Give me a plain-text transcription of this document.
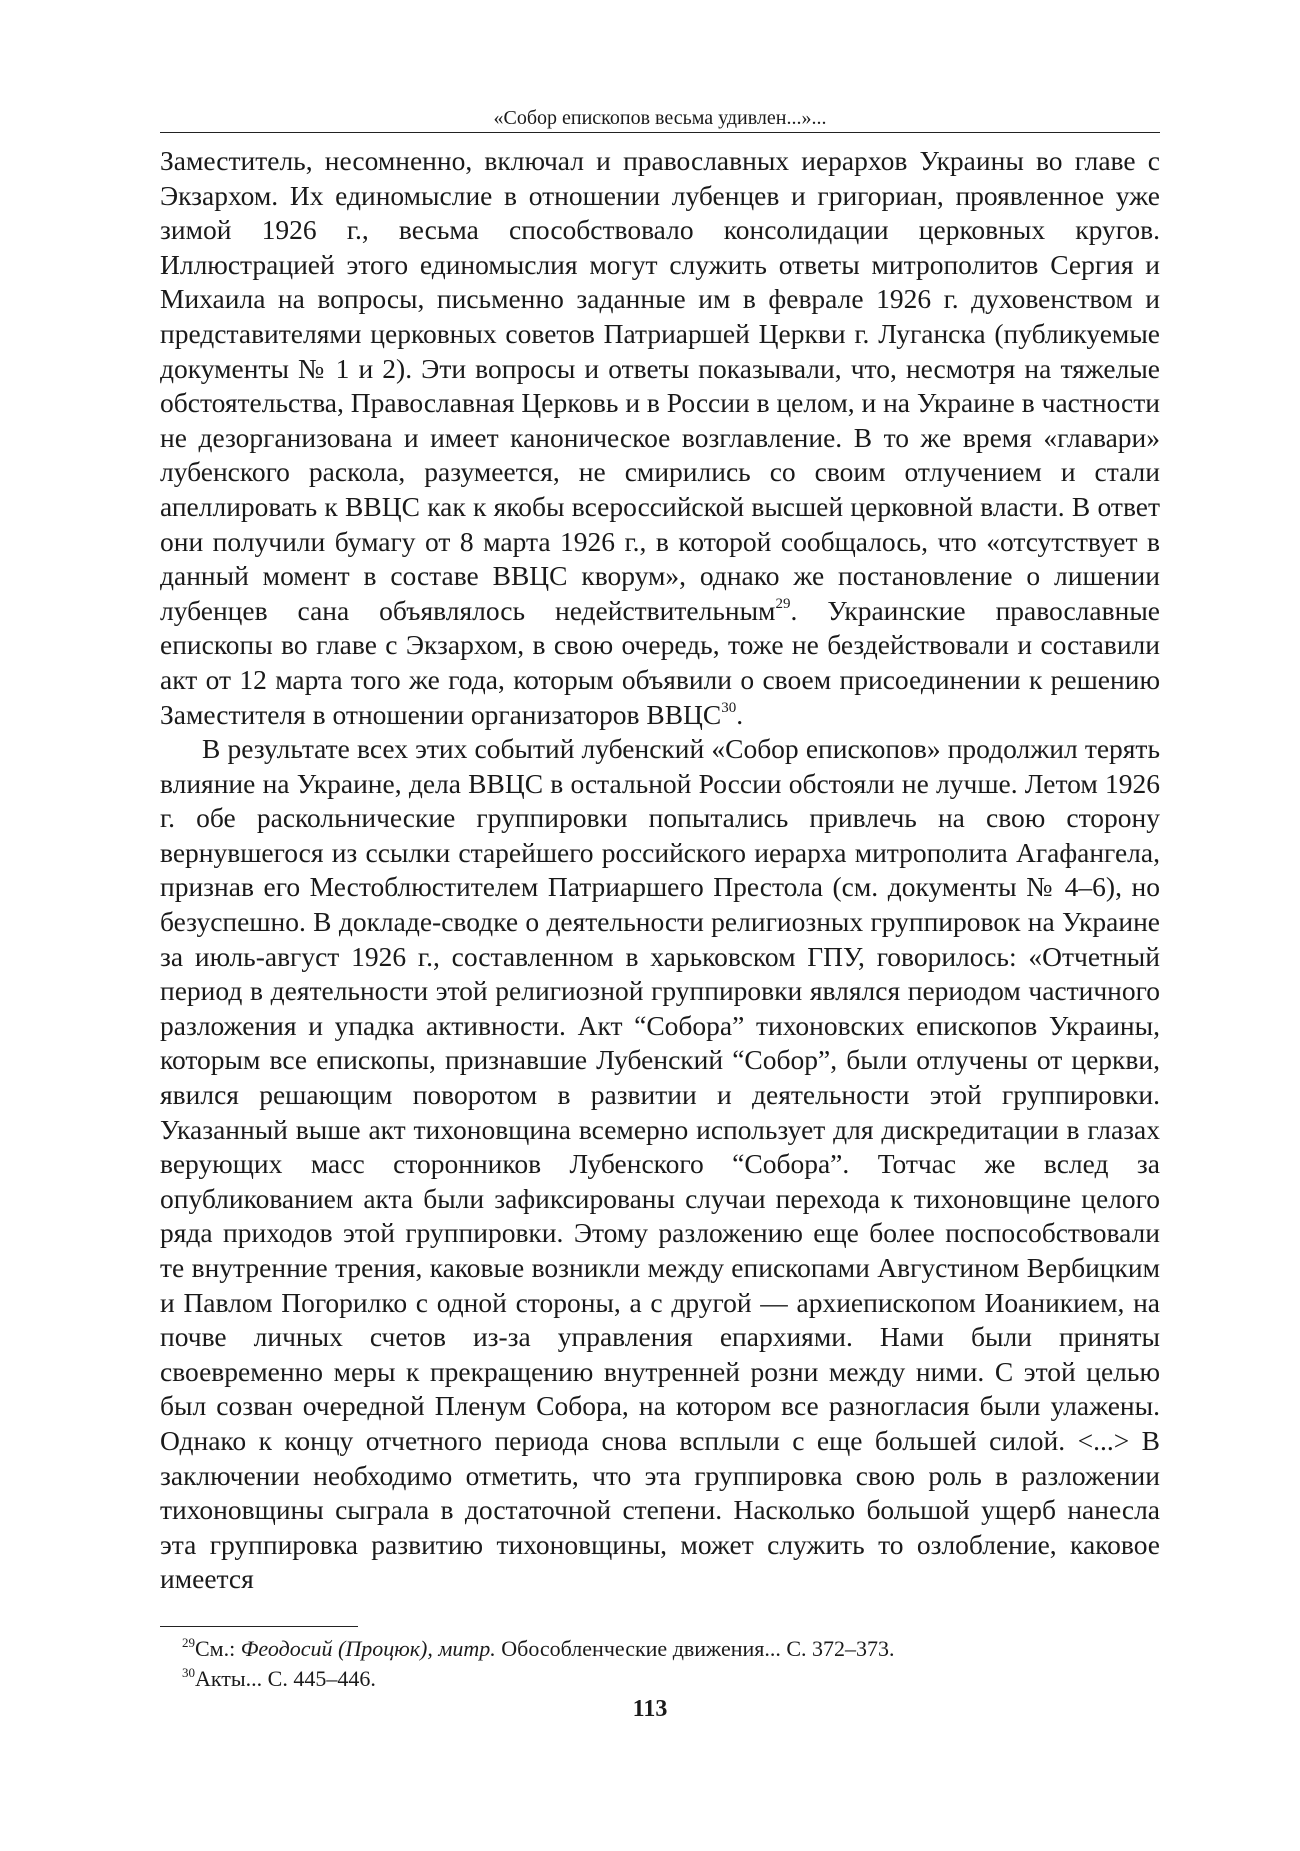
«Собор епископов весьма удивлен...»...

Заместитель, несомненно, включал и православных иерархов Украины во главе с Экзархом. Их единомыслие в отношении лубенцев и григориан, проявленное уже зимой 1926 г., весьма способствовало консолидации церковных кругов. Иллюстрацией этого единомыслия могут служить ответы митрополитов Сергия и Михаила на вопросы, письменно заданные им в феврале 1926 г. духовенством и представителями церковных советов Патриаршей Церкви г. Луганска (публикуемые документы № 1 и 2). Эти вопросы и ответы показывали, что, несмотря на тяжелые обстоятельства, Православная Церковь и в России в целом, и на Украине в частности не дезорганизована и имеет каноническое возглавление. В то же время «главари» лубенского раскола, разумеется, не смирились со своим отлучением и стали апеллировать к ВВЦС как к якобы всероссийской высшей церковной власти. В ответ они получили бумагу от 8 марта 1926 г., в которой сообщалось, что «отсутствует в данный момент в составе ВВЦС кворум», однако же постановление о лишении лубенцев сана объявлялось недействительным$^{29}$. Украинские православные епископы во главе с Экзархом, в свою очередь, тоже не бездействовали и составили акт от 12 марта того же года, которым объявили о своем присоединении к решению Заместителя в отношении организаторов ВВЦС$^{30}$.

В результате всех этих событий лубенский «Собор епископов» продолжил терять влияние на Украине, дела ВВЦС в остальной России обстояли не лучше. Летом 1926 г. обе раскольнические группировки попытались привлечь на свою сторону вернувшегося из ссылки старейшего российского иерарха митрополита Агафангела, признав его Местоблюстителем Патриаршего Престола (см. документы № 4–6), но безуспешно. В докладе-сводке о деятельности религиозных группировок на Украине за июль-август 1926 г., составленном в харьковском ГПУ, говорилось: «Отчетный период в деятельности этой религиозной группировки являлся периодом частичного разложения и упадка активности. Акт “Собора” тихоновских епископов Украины, которым все епископы, признавшие Лубенский “Собор”, были отлучены от церкви, явился решающим поворотом в развитии и деятельности этой группировки. Указанный выше акт тихоновщина всемерно использует для дискредитации в глазах верующих масс сторонников Лубенского “Собора”. Тотчас же вслед за опубликованием акта были зафиксированы случаи перехода к тихоновщине целого ряда приходов этой группировки. Этому разложению еще более поспособствовали те внутренние трения, каковые возникли между епископами Августином Вербицким и Павлом Погорилко с одной стороны, а с другой — архиепископом Иоаникием, на почве личных счетов из-за управления епархиями. Нами были приняты своевременно меры к прекращению внутренней розни между ними. С этой целью был созван очередной Пленум Собора, на котором все разногласия были улажены. Однако к концу отчетного периода снова всплыли с еще большей силой. <...> В заключении необходимо отметить, что эта группировка свою роль в разложении тихоновщины сыграла в достаточной степени. Насколько большой ущерб нанесла эта группировка развитию тихоновщины, может служить то озлобление, каковое имеется

$^{29}$См.: Феодосий (Процюк), митр. Обособленческие движения... С. 372–373.
$^{30}$Акты... С. 445–446.
113
